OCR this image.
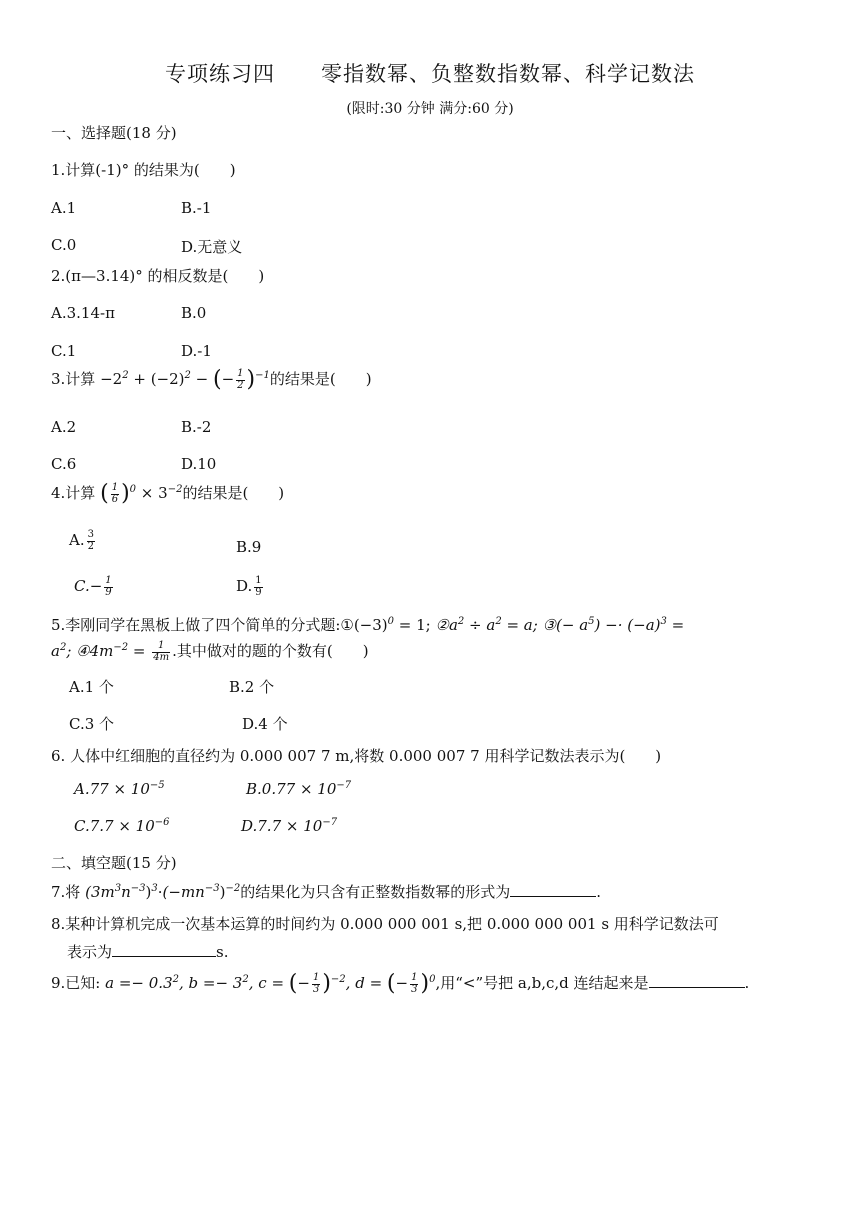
专项练习四      零指数幂、负整数指数幂、科学记数法
(限时:30 分钟 满分:60 分)
一、选择题(18 分)
1.计算(-1)° 的结果为(　　)
A.1	B.-1
C.0	D.无意义
2.(π—3.14)° 的相反数是(　　)
A.3.14-π	B.0
C.1	D.-1
3.计算 $-2^2 + (-2)^2$ − (− $\frac{1}{2} )^{-1}$的结果是(　　)
A.2	B.-2
C.6	D.10
4.计算 ( $\frac{1}{6} )^0 \times 3^{-2}$的结果是(　　)
A. $\frac{3}{2}$	B.9
$C.- \frac{1}{9}$	D. $\frac{1}{9}$
5.李刚同学在黑板上做了四个简单的分式题$:①(-3)^0 = 1$; $②a^2 \div a^2 = a$; ③(− $a^5) -\cdot (-a)^3$ =
$a^2$; $④4m^{-2} = \frac{1}{4m}$ .其中做对的题的个数有(　　)
A.1 个	B.2 个
C.3 个	D.4 个
6. 人体中红细胞的直径约为 0.000 007 7 m,将数 0.000 007 7 用科学记数法表示为(　　)
$A.77 \times 10^{-5}$	$B.0.77 \times 10^{-7}$
$C.7.7 \times 10^{-6}$	$D.7.7 \times 10^{-7}$
二、填空题(15 分)
7.将 $(3m^3n^{-3})^3\cdot(-mn^{-3})^{-2}$的结果化为只含有正整数指数幂的形式为	.
8.某种计算机完成一次基本运算的时间约为 0.000 000 001 s,把 0.000 000 001 s 用科学记数法可
表示为	s.
9.已知: $a =- 0.3^2$, $b =- 3^2$, c = (− $\frac{1}{3} )^{-2}$, d = (− $\frac{1}{3} )^0$,用“<”号把 a,b,c,d 连结起来是	.
